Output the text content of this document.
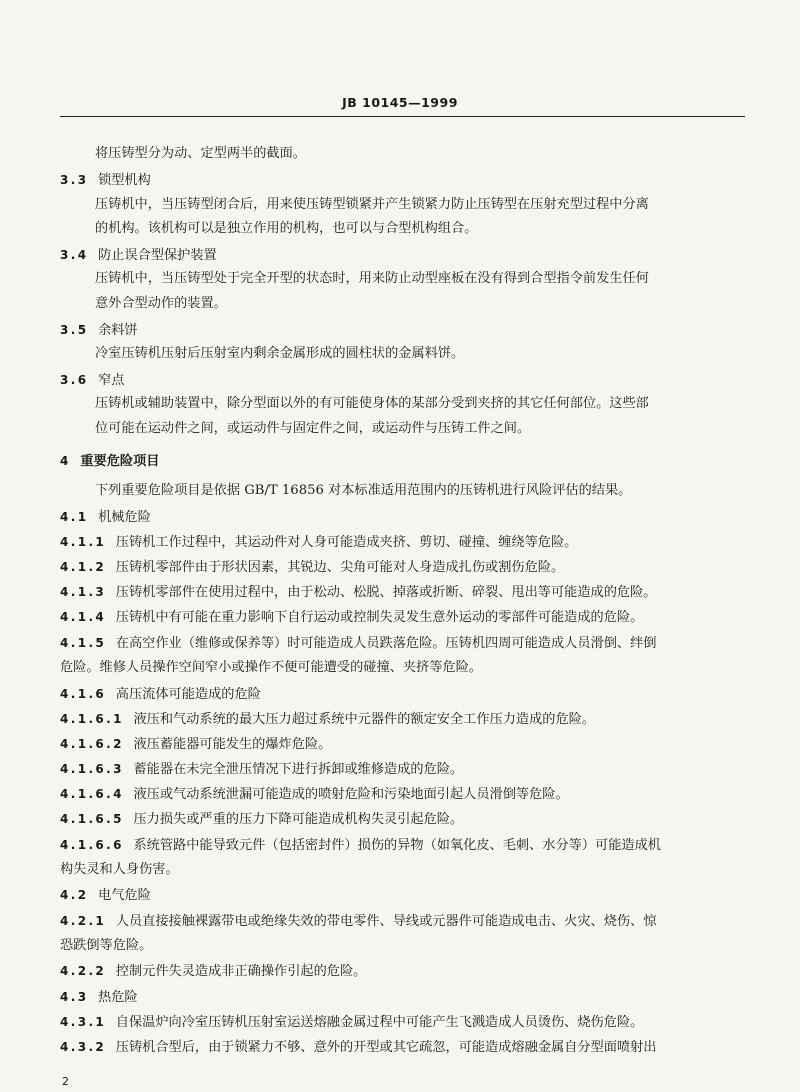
JB 10145—1999
将压铸型分为动、定型两半的截面。
3 . 3 锁型机构
压铸机中，当压铸型闭合后，用来使压铸型锁紧并产生锁紧力防止压铸型在压射充型过程中分离
的机构。该机构可以是独立作用的机构，也可以与合型机构组合。
3 . 4 防止误合型保护装置
压铸机中，当压铸型处于完全开型的状态时，用来防止动型座板在没有得到合型指令前发生任何
意外合型动作的装置。
3 . 5 余料饼
冷室压铸机压射后压射室内剩余金属形成的圆柱状的金属料饼。
3 . 6 窄点
压铸机或辅助装置中，除分型面以外的有可能使身体的某部分受到夹挤的其它任何部位。这些部
位可能在运动件之间，或运动件与固定件之间，或运动件与压铸工件之间。
4 重要危险项目
下列重要危险项目是依据 GB/T 16856 对本标准适用范围内的压铸机进行风险评估的结果。
4 . 1 机械危险
4 . 1 . 1 压铸机工作过程中，其运动件对人身可能造成夹挤、剪切、碰撞、缠绕等危险。
4 . 1 . 2 压铸机零部件由于形状因素，其锐边、尖角可能对人身造成扎伤或割伤危险。
4 . 1 . 3 压铸机零部件在使用过程中，由于松动、松脱、掉落或折断、碎裂、甩出等可能造成的危险。
4 . 1 . 4 压铸机中有可能在重力影响下自行运动或控制失灵发生意外运动的零部件可能造成的危险。
4 . 1 . 5 在高空作业（维修或保养等）时可能造成人员跌落危险。压铸机四周可能造成人员滑倒、绊倒
危险。维修人员操作空间窄小或操作不便可能遭受的碰撞、夹挤等危险。
4 . 1 . 6 高压流体可能造成的危险
4 . 1 . 6 . 1 液压和气动系统的最大压力超过系统中元器件的额定安全工作压力造成的危险。
4 . 1 . 6 . 2 液压蓄能器可能发生的爆炸危险。
4 . 1 . 6 . 3 蓄能器在未完全泄压情况下进行拆卸或维修造成的危险。
4 . 1 . 6 . 4 液压或气动系统泄漏可能造成的喷射危险和污染地面引起人员滑倒等危险。
4 . 1 . 6 . 5 压力损失或严重的压力下降可能造成机构失灵引起危险。
4 . 1 . 6 . 6 系统管路中能导致元件（包括密封件）损伤的异物（如氧化皮、毛刺、水分等）可能造成机
构失灵和人身伤害。
4 . 2 电气危险
4 . 2 . 1 人员直接接触裸露带电或绝缘失效的带电零件、导线或元器件可能造成电击、火灾、烧伤、惊
恐跌倒等危险。
4 . 2 . 2 控制元件失灵造成非正确操作引起的危险。
4 . 3 热危险
4 . 3 . 1 自保温炉向冷室压铸机压射室运送熔融金属过程中可能产生飞溅造成人员烫伤、烧伤危险。
4 . 3 . 2 压铸机合型后，由于锁紧力不够、意外的开型或其它疏忽，可能造成熔融金属自分型面喷射出
2
